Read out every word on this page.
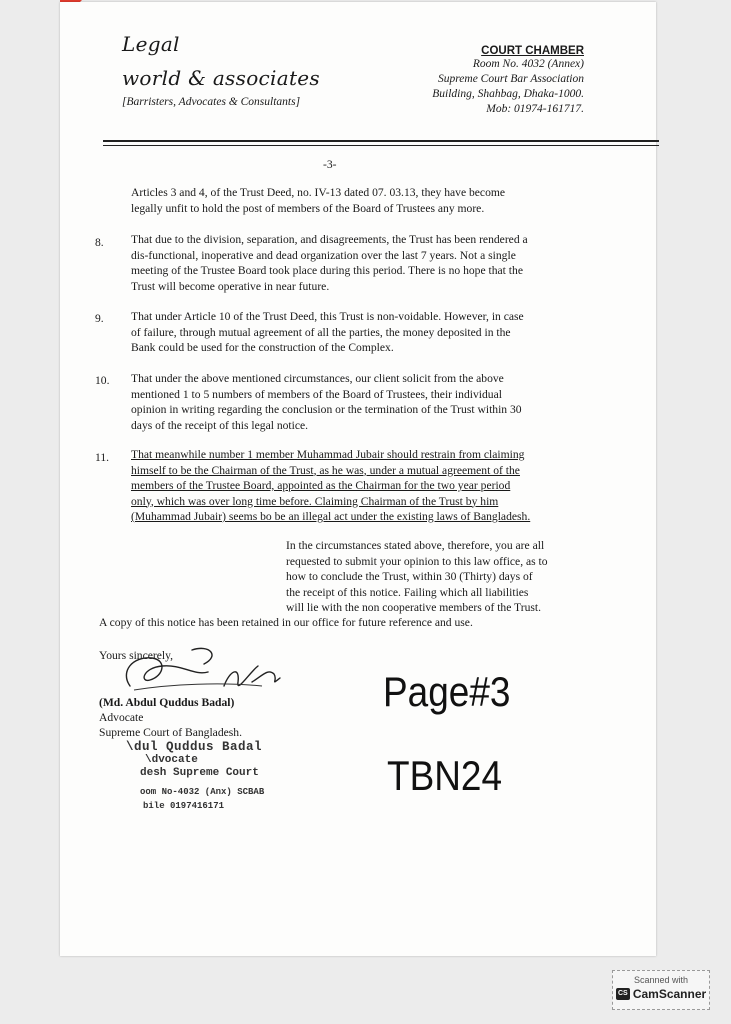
Legal
world & associates
[Barristers, Advocates & Consultants]
COURT CHAMBER
Room No. 4032 (Annex)
Supreme Court Bar Association
Building, Shahbag, Dhaka-1000.
Mob: 01974-161717.
-3-
Articles 3 and 4, of the Trust Deed, no. IV-13 dated 07. 03.13, they have become
legally unfit to hold the post of members of the Board of Trustees any more.
8. That due to the division, separation, and disagreements, the Trust has been rendered a
dis-functional, inoperative and dead organization over the last 7 years. Not a single
meeting of the Trustee Board took place during this period. There is no hope that the
Trust will become operative in near future.
9. That under Article 10 of the Trust Deed, this Trust is non-voidable. However, in case
of failure, through mutual agreement of all the parties, the money deposited in the
Bank could be used for the construction of the Complex.
10. That under the above mentioned circumstances, our client solicit from the above
mentioned 1 to 5 numbers of members of the Board of Trustees, their individual
opinion in writing regarding the conclusion or the termination of the Trust within 30
days of the receipt of this legal notice.
11. That meanwhile number 1 member Muhammad Jubair should restrain from claiming
himself to be the Chairman of the Trust, as he was, under a mutual agreement of the
members of the Trustee Board, appointed as the Chairman for the two year period
only, which was over long time before. Claiming Chairman of the Trust by him
(Muhammad Jubair) seems bo be an illegal act under the existing laws of Bangladesh.
In the circumstances stated above, therefore, you are all
requested to submit your opinion to this law office, as to
how to conclude the Trust, within 30 (Thirty) days of
the receipt of this notice. Failing which all liabilities
will lie with the non cooperative members of the Trust.
A copy of this notice has been retained in our office for future reference and use.
Yours sincerely,
(Md. Abdul Quddus Badal)
Advocate
Supreme Court of Bangladesh.
\dul Quddus Badal
\dvocate
desh Supreme Court
oom No-4032 (Anx) SCBAB
bile 0197416171
Page#3
TBN24
Scanned with
CS CamScanner
